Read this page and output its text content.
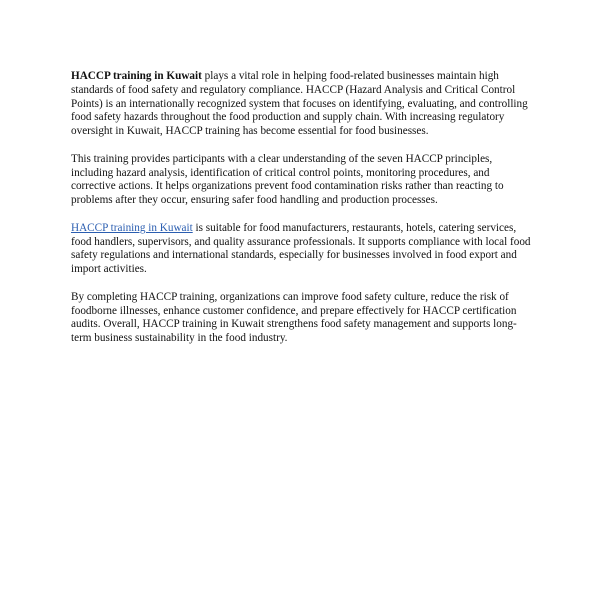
HACCP training in Kuwait plays a vital role in helping food-related businesses maintain high standards of food safety and regulatory compliance. HACCP (Hazard Analysis and Critical Control Points) is an internationally recognized system that focuses on identifying, evaluating, and controlling food safety hazards throughout the food production and supply chain. With increasing regulatory oversight in Kuwait, HACCP training has become essential for food businesses.

This training provides participants with a clear understanding of the seven HACCP principles, including hazard analysis, identification of critical control points, monitoring procedures, and corrective actions. It helps organizations prevent food contamination risks rather than reacting to problems after they occur, ensuring safer food handling and production processes.

HACCP training in Kuwait is suitable for food manufacturers, restaurants, hotels, catering services, food handlers, supervisors, and quality assurance professionals. It supports compliance with local food safety regulations and international standards, especially for businesses involved in food export and import activities.

By completing HACCP training, organizations can improve food safety culture, reduce the risk of foodborne illnesses, enhance customer confidence, and prepare effectively for HACCP certification audits. Overall, HACCP training in Kuwait strengthens food safety management and supports long-term business sustainability in the food industry.
